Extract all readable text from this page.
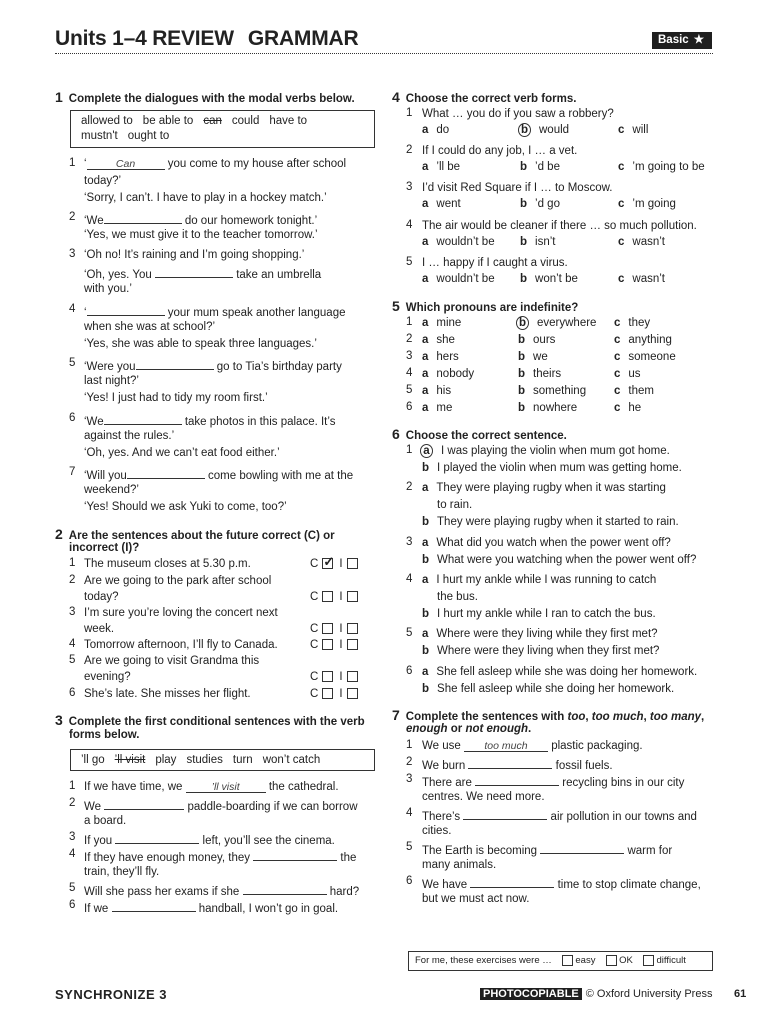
Units 1–4 REVIEW GRAMMAR	Basic ★
1 Complete the dialogues with the modal verbs below.
allowed to be able to can could have to
mustn't ought to
1 ‘	Can	you come to my house after school
today?’
‘Sorry, I can’t. I have to play in a hockey match.’
2 ‘We	do our homework tonight.’
‘Yes, we must give it to the teacher tomorrow.’
3 ‘Oh no! It’s raining and I’m going shopping.’
‘Oh, yes. You	take an umbrella
with you.’
4 ‘	your mum speak another language
when she was at school?’
‘Yes, she was able to speak three languages.’
5 ‘Were you	go to Tia’s birthday party
last night?’
‘Yes! I just had to tidy my room first.’
6 ‘We	take photos in this palace. It’s
against the rules.’
‘Oh, yes. And we can’t eat food either.’
7 ‘Will you	come bowling with me at the
weekend?’
‘Yes! Should we ask Yuki to come, too?’
2 Are the sentences about the future correct (C) or
incorrect (I)?
1 The museum closes at 5.30 p.m.	C✓ I
2 Are we going to the park after school
today?	C I
3 I’m sure you’re loving the concert next
week.	C I
4 Tomorrow afternoon, I’ll fly to Canada.	C I
5 Are we going to visit Grandma this
evening?	C I
6 She’s late. She misses her flight.	C I
3 Complete the first conditional sentences with the verb
forms below.
’ll go ’ll visit play studies turn won’t catch
1 If we have time, we	’ll visit	the cathedral.
2 We	paddle-boarding if we can borrow
a board.
3 If you	left, you’ll see the cinema.
4 If they have enough money, they	the
train, they’ll fly.
5 Will she pass her exams if she	hard?
6 If we	handball, I won’t go in goal.
4 Choose the correct verb forms.
1 What … you do if you saw a robbery?
a do	b would	c will
2 If I could do any job, I … a vet.
a ’ll be	b ’d be	c ’m going to be
3 I’d visit Red Square if I … to Moscow.
a went	b ’d go	c ’m going
4 The air would be cleaner if there … so much pollution.
a wouldn’t be b isn’t	c wasn’t
5 I … happy if I caught a virus.
a wouldn’t be b won’t be	c wasn’t
5 Which pronouns are indefinite?
1 a mine	b everywhere c they
2 a she	b ours	c anything
3 a hers	b we	c someone
4 a nobody	b theirs	c us
5 a his	b something c them
6 a me	b nowhere	c he
6 Choose the correct sentence.
1 a I was playing the violin when mum got home.
b I played the violin when mum was getting home.
2 a They were playing rugby when it was starting
to rain.
b They were playing rugby when it started to rain.
3 a What did you watch when the power went off?
b What were you watching when the power went off?
4 a I hurt my ankle while I was running to catch
the bus.
b I hurt my ankle while I ran to catch the bus.
5 a Where were they living while they first met?
b Where were they living when they first met?
6 a She fell asleep while she was doing her homework.
b She fell asleep while she doing her homework.
7 Complete the sentences with too, too much, too many,
enough or not enough.
1 We use too much plastic packaging.
2 We burn	fossil fuels.
3 There are	recycling bins in our city
centres. We need more.
4 There’s	air pollution in our towns and
cities.
5 The Earth is becoming	warm for
many animals.
6 We have	time to stop climate change,
but we must act now.
For me, these exercises were … easy OK difficult
SYNCHRONIZE 3	PHOTOCOPIABLE © Oxford University Press 61
